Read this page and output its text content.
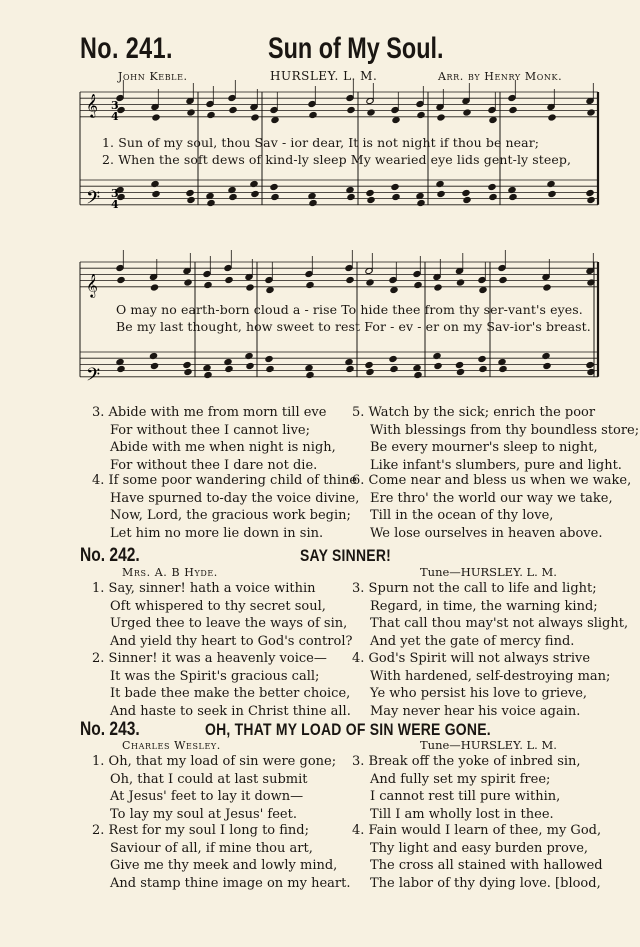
No. 241.	Sun of My Soul.
John Keble.	HURSLEY. L. M.	Arr. by Henry Monk.
𝄞
𝄢
𝄞
𝄢
3
4
3
4
1. Sun of my soul, thou Sav - ior dear, It is not night if thou be near;
2. When the soft dews of kind-ly sleep My wearied eye lids gent-ly steep,
O may no earth-born cloud a - rise To hide thee from thy ser-vant's eyes.
Be my last thought, how sweet to rest For - ev - er on my Sav-ior's breast.
3. Abide with me from morn till eve
For without thee I cannot live;
Abide with me when night is nigh,
For without thee I dare not die.
4. If some poor wandering child of thine
Have spurned to-day the voice divine,
Now, Lord, the gracious work begin;
Let him no more lie down in sin.
5. Watch by the sick; enrich the poor
With blessings from thy boundless store;
Be every mourner's sleep to night,
Like infant's slumbers, pure and light.
6. Come near and bless us when we wake,
Ere thro' the world our way we take,
Till in the ocean of thy love,
We lose ourselves in heaven above.
No. 242.	SAY SINNER!
Mrs. A. B Hyde.	Tune—HURSLEY. L. M.
1. Say, sinner! hath a voice within
Oft whispered to thy secret soul,
Urged thee to leave the ways of sin,
And yield thy heart to God's control?
2. Sinner! it was a heavenly voice—
It was the Spirit's gracious call;
It bade thee make the better choice,
And haste to seek in Christ thine all.
3. Spurn not the call to life and light;
Regard, in time, the warning kind;
That call thou may'st not always slight,
And yet the gate of mercy find.
4. God's Spirit will not always strive
With hardened, self-destroying man;
Ye who persist his love to grieve,
May never hear his voice again.
No. 243.	OH, THAT MY LOAD OF SIN WERE GONE.
Charles Wesley.	Tune—HURSLEY. L. M.
1. Oh, that my load of sin were gone;
Oh, that I could at last submit
At Jesus' feet to lay it down—
To lay my soul at Jesus' feet.
2. Rest for my soul I long to find;
Saviour of all, if mine thou art,
Give me thy meek and lowly mind,
And stamp thine image on my heart.
3. Break off the yoke of inbred sin,
And fully set my spirit free;
I cannot rest till pure within,
Till I am wholly lost in thee.
4. Fain would I learn of thee, my God,
Thy light and easy burden prove,
The cross all stained with hallowed
The labor of thy dying love. [blood,
